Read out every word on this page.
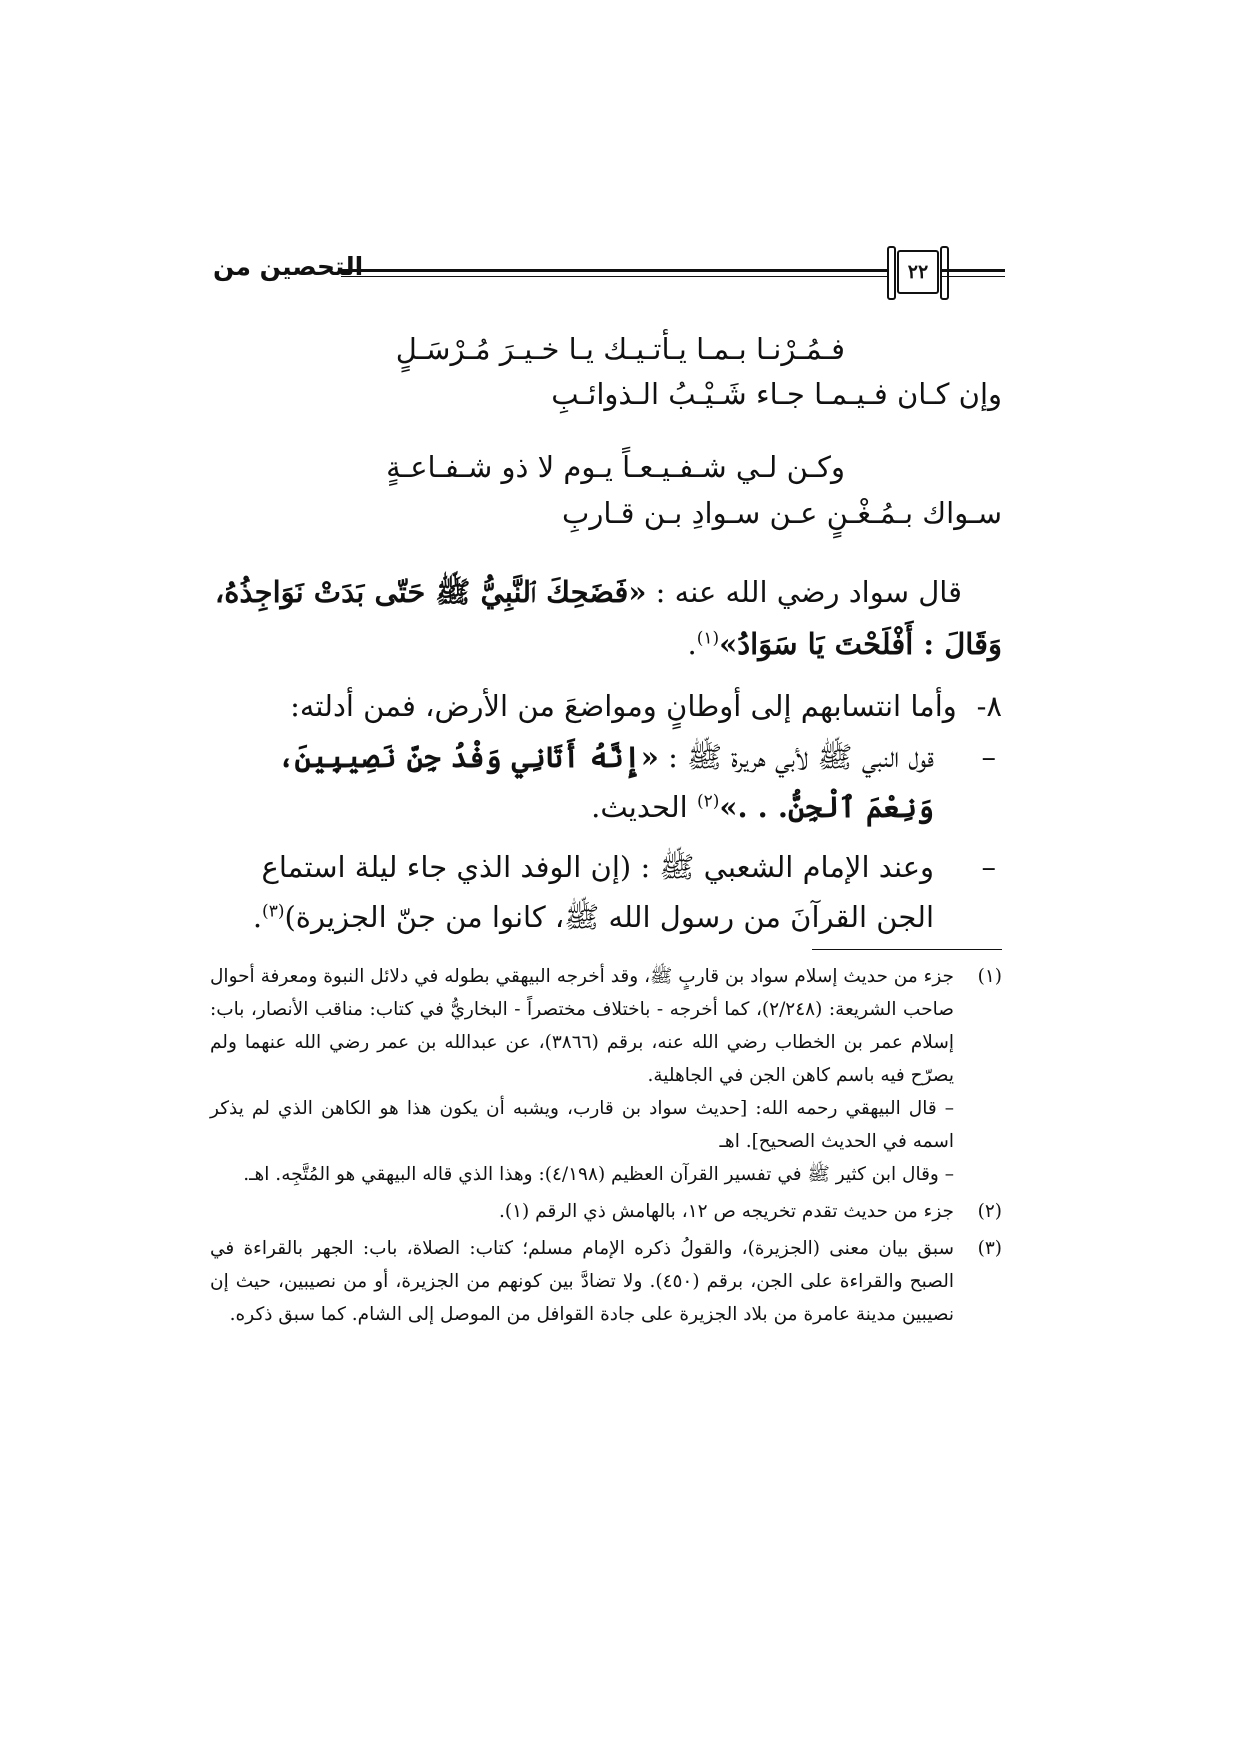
التحصين من	٢٢
فـمُـرْنـا بـمـا يـأتـيـك يـا خـيـرَ مُـرْسَـلٍ
وإن كـان فـيـمـا جـاء شَـيْـبُ الـذوائـبِ
وكـن لـي شـفـيـعـاً يـوم لا ذو شـفـاعـةٍ
سـواك بـمُـغْـنٍ عـن سـوادِ بـن قـاربِ

قال سواد رضي الله عنه : «فَضَحِكَ ٱلنَّبِيُّ ﷺ حَتّى بَدَتْ نَوَاجِذُهُ، وَقَالَ : أَفْلَحْتَ يَا سَوَادُ»$^{(١)}$.

٨- وأما انتسابهم إلى أوطانٍ ومواضعَ من الأرض، فمن أدلته:
–
قول النبي ﷺ لأبي هريرة ﷺ : «إِنَّهُ أَتَانِي وَفْدُ جِنِّ نَصِيبِينَ، وَنِعْمَ ٱلْجِنُّ. . .»$^{(٢)}$ الحديث.
–
وعند الإمام الشعبي ﷺ : (إن الوفد الذي جاء ليلة استماع الجن القرآنَ من رسول الله ﷺ، كانوا من جنّ الجزيرة)$^{(٣)}$.
(١)

جزء من حديث إسلام سواد بن قاربٍ ﷺ، وقد أخرجه البيهقي بطوله في دلائل النبوة ومعرفة أحوال صاحب الشريعة: (٢/٢٤٨)، كما أخرجه - باختلاف مختصراً - البخاريُّ في كتاب: مناقب الأنصار، باب: إسلام عمر بن الخطاب رضي الله عنه، برقم (٣٨٦٦)، عن عبدالله بن عمر رضي الله عنهما ولم يصرّح فيه باسم كاهن الجن في الجاهلية.

– قال البيهقي رحمه الله: [حديث سواد بن قارب، ويشبه أن يكون هذا هو الكاهن الذي لم يذكر اسمه في الحديث الصحيح]. اهـ

– وقال ابن كثير ﷺ في تفسير القرآن العظيم (٤/١٩٨): وهذا الذي قاله البيهقي هو المُتَّجِه. اهـ.

(٢)

جزء من حديث تقدم تخريجه ص ١٢، بالهامش ذي الرقم (١).

(٣)

سبق بيان معنى (الجزيرة)، والقولُ ذكره الإمام مسلم؛ كتاب: الصلاة، باب: الجهر بالقراءة في الصبح والقراءة على الجن، برقم (٤٥٠). ولا تضادَّ بين كونهم من الجزيرة، أو من نصيبين، حيث إن نصيبين مدينة عامرة من بلاد الجزيرة على جادة القوافل من الموصل إلى الشام. كما سبق ذكره.
